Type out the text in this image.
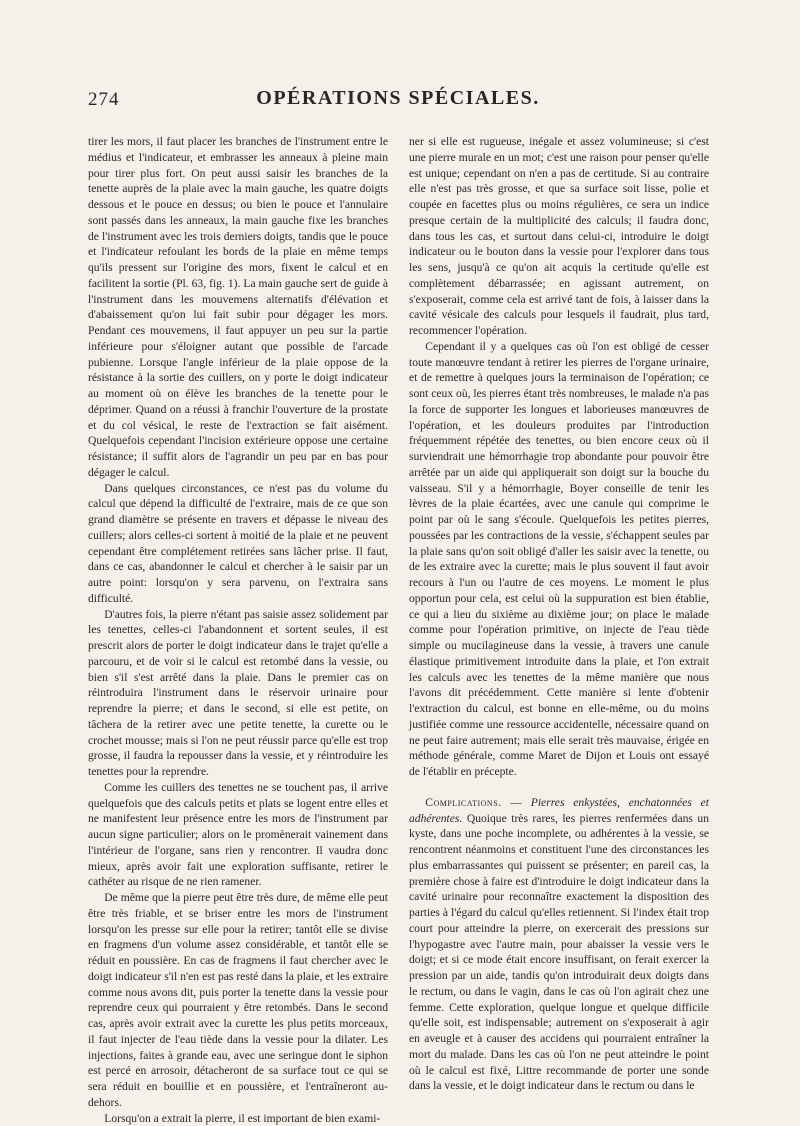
274	OPÉRATIONS SPÉCIALES.

tirer les mors, il faut placer les branches de l'instrument entre le médius et l'indicateur, et embrasser les anneaux à pleine main pour tirer plus fort. On peut aussi saisir les branches de la tenette auprès de la plaie avec la main gauche, les quatre doigts dessous et le pouce en dessus; ou bien le pouce et l'annulaire sont passés dans les anneaux, la main gauche fixe les branches de l'instrument avec les trois derniers doigts, tandis que le pouce et l'indicateur refoulant les bords de la plaie en même temps qu'ils pressent sur l'origine des mors, fixent le calcul et en facilitent la sortie (Pl. 63, fig. 1). La main gauche sert de guide à l'instrument dans les mouvemens alternatifs d'élévation et d'abaissement qu'on lui fait subir pour dégager les mors. Pendant ces mouvemens, il faut appuyer un peu sur la partie inférieure pour s'éloigner autant que possible de l'arcade pubienne. Lorsque l'angle inférieur de la plaie oppose de la résistance à la sortie des cuillers, on y porte le doigt indicateur au moment où on élève les branches de la tenette pour le déprimer. Quand on a réussi à franchir l'ouverture de la prostate et du col vésical, le reste de l'extraction se fait aisément. Quelquefois cependant l'incision extérieure oppose une certaine résistance; il suffit alors de l'agrandir un peu par en bas pour dégager le calcul.

Dans quelques circonstances, ce n'est pas du volume du calcul que dépend la difficulté de l'extraire, mais de ce que son grand diamètre se présente en travers et dépasse le niveau des cuillers; alors celles-ci sortent à moitié de la plaie et ne peuvent cependant être complétement retirées sans lâcher prise. Il faut, dans ce cas, abandonner le calcul et chercher à le saisir par un autre point: lorsqu'on y sera parvenu, on l'extraira sans difficulté.

D'autres fois, la pierre n'étant pas saisie assez solidement par les tenettes, celles-ci l'abandonnent et sortent seules, il est prescrit alors de porter le doigt indicateur dans le trajet qu'elle a parcouru, et de voir si le calcul est retombé dans la vessie, ou bien s'il s'est arrêté dans la plaie. Dans le premier cas on réintroduira l'instrument dans le réservoir urinaire pour reprendre la pierre; et dans le second, si elle est petite, on tâchera de la retirer avec une petite tenette, la curette ou le crochet mousse; mais si l'on ne peut réussir parce qu'elle est trop grosse, il faudra la repousser dans la vessie, et y réintroduire les tenettes pour la reprendre.

Comme les cuillers des tenettes ne se touchent pas, il arrive quelquefois que des calculs petits et plats se logent entre elles et ne manifestent leur présence entre les mors de l'instrument par aucun signe particulier; alors on le promènerait vainement dans l'intérieur de l'organe, sans rien y rencontrer. Il vaudra donc mieux, après avoir fait une exploration suffisante, retirer le cathéter au risque de ne rien ramener.

De même que la pierre peut être très dure, de même elle peut être très friable, et se briser entre les mors de l'instrument lorsqu'on les presse sur elle pour la retirer; tantôt elle se divise en fragmens d'un volume assez considérable, et tantôt elle se réduit en poussière. En cas de fragmens il faut chercher avec le doigt indicateur s'il n'en est pas resté dans la plaie, et les extraire comme nous avons dit, puis porter la tenette dans la vessie pour reprendre ceux qui pourraient y être retombés. Dans le second cas, après avoir extrait avec la curette les plus petits morceaux, il faut injecter de l'eau tiède dans la vessie pour la dilater. Les injections, faites à grande eau, avec une seringue dont le siphon est percé en arrosoir, détacheront de sa surface tout ce qui se sera réduit en bouillie et en poussière, et l'entraîneront au-dehors.

Lorsqu'on a extrait la pierre, il est important de bien exami-

ner si elle est rugueuse, inégale et assez volumineuse; si c'est une pierre murale en un mot; c'est une raison pour penser qu'elle est unique; cependant on n'en a pas de certitude. Si au contraire elle n'est pas très grosse, et que sa surface soit lisse, polie et coupée en facettes plus ou moins régulières, ce sera un indice presque certain de la multiplicité des calculs; il faudra donc, dans tous les cas, et surtout dans celui-ci, introduire le doigt indicateur ou le bouton dans la vessie pour l'explorer dans tous les sens, jusqu'à ce qu'on ait acquis la certitude qu'elle est complètement débarrassée; en agissant autrement, on s'exposerait, comme cela est arrivé tant de fois, à laisser dans la cavité vésicale des calculs pour lesquels il faudrait, plus tard, recommencer l'opération.

Cependant il y a quelques cas où l'on est obligé de cesser toute manœuvre tendant à retirer les pierres de l'organe urinaire, et de remettre à quelques jours la terminaison de l'opération; ce sont ceux où, les pierres étant très nombreuses, le malade n'a pas la force de supporter les longues et laborieuses manœuvres de l'opération, et les douleurs produites par l'introduction fréquemment répétée des tenettes, ou bien encore ceux où il surviendrait une hémorrhagie trop abondante pour pouvoir être arrêtée par un aide qui appliquerait son doigt sur la bouche du vaisseau. S'il y a hémorrhagie, Boyer conseille de tenir les lèvres de la plaie écartées, avec une canule qui comprime le point par où le sang s'écoule. Quelquefois les petites pierres, poussées par les contractions de la vessie, s'échappent seules par la plaie sans qu'on soit obligé d'aller les saisir avec la tenette, ou de les extraire avec la curette; mais le plus souvent il faut avoir recours à l'un ou l'autre de ces moyens. Le moment le plus opportun pour cela, est celui où la suppuration est bien établie, ce qui a lieu du sixième au dixième jour; on place le malade comme pour l'opération primitive, on injecte de l'eau tiède simple ou mucilagineuse dans la vessie, à travers une canule élastique primitivement introduite dans la plaie, et l'on extrait les calculs avec les tenettes de la même manière que nous l'avons dit précédemment. Cette manière si lente d'obtenir l'extraction du calcul, est bonne en elle-même, ou du moins justifiée comme une ressource accidentelle, nécessaire quand on ne peut faire autrement; mais elle serait très mauvaise, érigée en méthode générale, comme Maret de Dijon et Louis ont essayé de l'établir en précepte.

Complications. — Pierres enkystées, enchatonnées et adhérentes. Quoique très rares, les pierres renfermées dans un kyste, dans une poche incomplete, ou adhérentes à la vessie, se rencontrent néanmoins et constituent l'une des circonstances les plus embarrassantes qui puissent se présenter; en pareil cas, la première chose à faire est d'introduire le doigt indicateur dans la cavité urinaire pour reconnaître exactement la disposition des parties à l'égard du calcul qu'elles retiennent. Si l'index était trop court pour atteindre la pierre, on exercerait des pressions sur l'hypogastre avec l'autre main, pour abaisser la vessie vers le doigt; et si ce mode était encore insuffisant, on ferait exercer la pression par un aide, tandis qu'on introduirait deux doigts dans le rectum, ou dans le vagin, dans le cas où l'on agirait chez une femme. Cette exploration, quelque longue et quelque difficile qu'elle soit, est indispensable; autrement on s'exposerait à agir en aveugle et à causer des accidens qui pourraient entraîner la mort du malade. Dans les cas où l'on ne peut atteindre le point où le calcul est fixé, Littre recommande de porter une sonde dans la vessie, et le doigt indicateur dans le rectum ou dans le
